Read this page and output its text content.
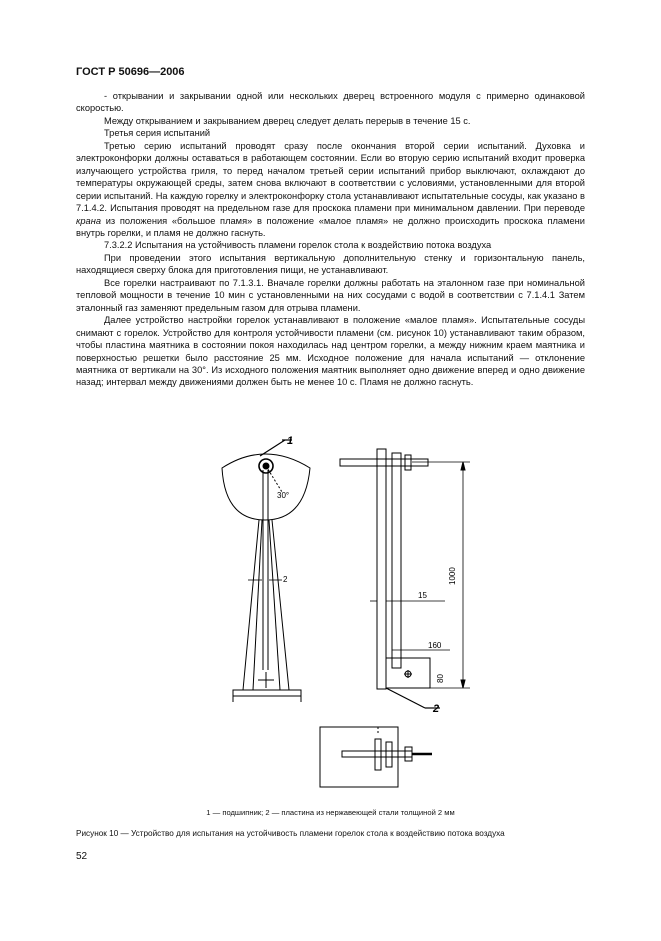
ГОСТ Р 50696—2006

- открывании и закрывании одной или нескольких дверец встроенного модуля с примерно одинаковой скоростью.

Между открыванием и закрыванием дверец следует делать перерыв в течение 15 с.

Третья серия испытаний

Третью серию испытаний проводят сразу после окончания второй серии испытаний. Духовка и электроконфорки должны оставаться в работающем состоянии. Если во вторую серию испытаний входит проверка излучающего устройства гриля, то перед началом третьей серии испытаний прибор выключают, охлаждают до температуры окружающей среды, затем снова включают в соответствии с условиями, установленными для второй серии испытаний. На каждую горелку и электроконфорку стола устанавливают испытательные сосуды, как указано в 7.1.4.2. Испытания проводят на предельном газе для проскока пламени при минимальном давлении. При переводе крана из положения «большое пламя» в положение «малое пламя» не должно происходить проскока пламени внутрь горелки, и пламя не должно гаснуть.

7.3.2.2 Испытания на устойчивость пламени горелок стола к воздействию потока воздуха

При проведении этого испытания вертикальную дополнительную стенку и горизонтальную панель, находящиеся сверху блока для приготовления пищи, не устанавливают.

Все горелки настраивают по 7.1.3.1. Вначале горелки должны работать на эталонном газе при номинальной тепловой мощности в течение 10 мин с установленными на них сосудами с водой в соответствии с 7.1.4.1 Затем эталонный газ заменяют предельным газом для отрыва пламени.

Далее устройство настройки горелок устанавливают в положение «малое пламя». Испытательные сосуды снимают с горелок. Устройство для контроля устойчивости пламени (см. рисунок 10) устанавливают таким образом, чтобы пластина маятника в состоянии покоя находилась над центром горелки, а между нижним краем маятника и поверхностью решетки было расстояние 25 мм. Исходное положение для начала испытаний — отклонение маятника от вертикали на 30°. Из исходного положения маятник выполняет одно движение вперед и одно движение назад; интервал между движениями должен быть не менее 10 с. Пламя не должно гаснуть.

1
30°
2	1000
15
160
80
2
1 — подшипник; 2 — пластина из нержавеющей стали толщиной 2 мм
Рисунок 10 — Устройство для испытания на устойчивость пламени горелок стола к воздействию потока воздуха
52
